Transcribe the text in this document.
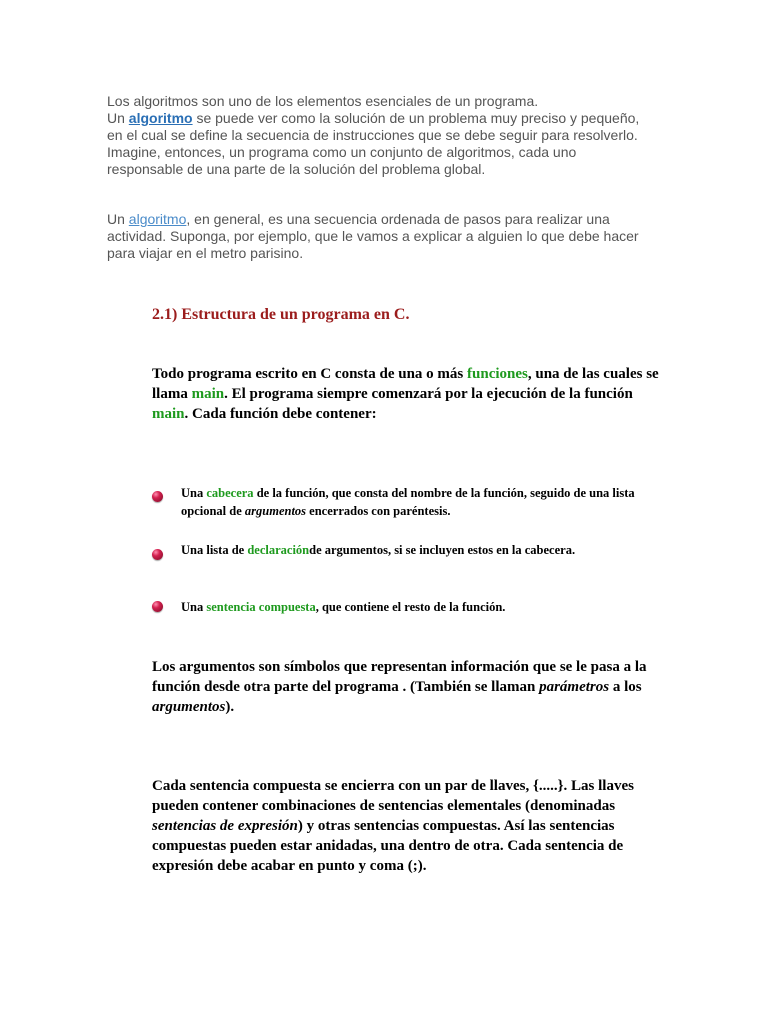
Los algoritmos son uno de los elementos esenciales de un programa.
Un algoritmo se puede ver como la solución de un problema muy preciso y pequeño, en el cual se define la secuencia de instrucciones que se debe seguir para resolverlo. Imagine, entonces, un programa como un conjunto de algoritmos, cada uno responsable de una parte de la solución del problema global.

Un algoritmo, en general, es una secuencia ordenada de pasos para realizar una actividad. Suponga, por ejemplo, que le vamos a explicar a alguien lo que debe hacer para viajar en el metro parisino.

2.1) Estructura de un programa en C.

Todo programa escrito en C consta de una o más funciones, una de las cuales se llama main. El programa siempre comenzará por la ejecución de la función main. Cada función debe contener:

Una cabecera de la función, que consta del nombre de la función, seguido de una lista opcional de argumentos encerrados con paréntesis.

Una lista de declaraciónde argumentos, si se incluyen estos en la cabecera.

Una sentencia compuesta, que contiene el resto de la función.

Los argumentos son símbolos que representan información que se le pasa a la función desde otra parte del programa . (También se llaman parámetros a los argumentos).

Cada sentencia compuesta se encierra con un par de llaves, {.....}. Las llaves pueden contener combinaciones de sentencias elementales (denominadas sentencias de expresión) y otras sentencias compuestas. Así las sentencias compuestas pueden estar anidadas, una dentro de otra. Cada sentencia de expresión debe acabar en punto y coma (;).
